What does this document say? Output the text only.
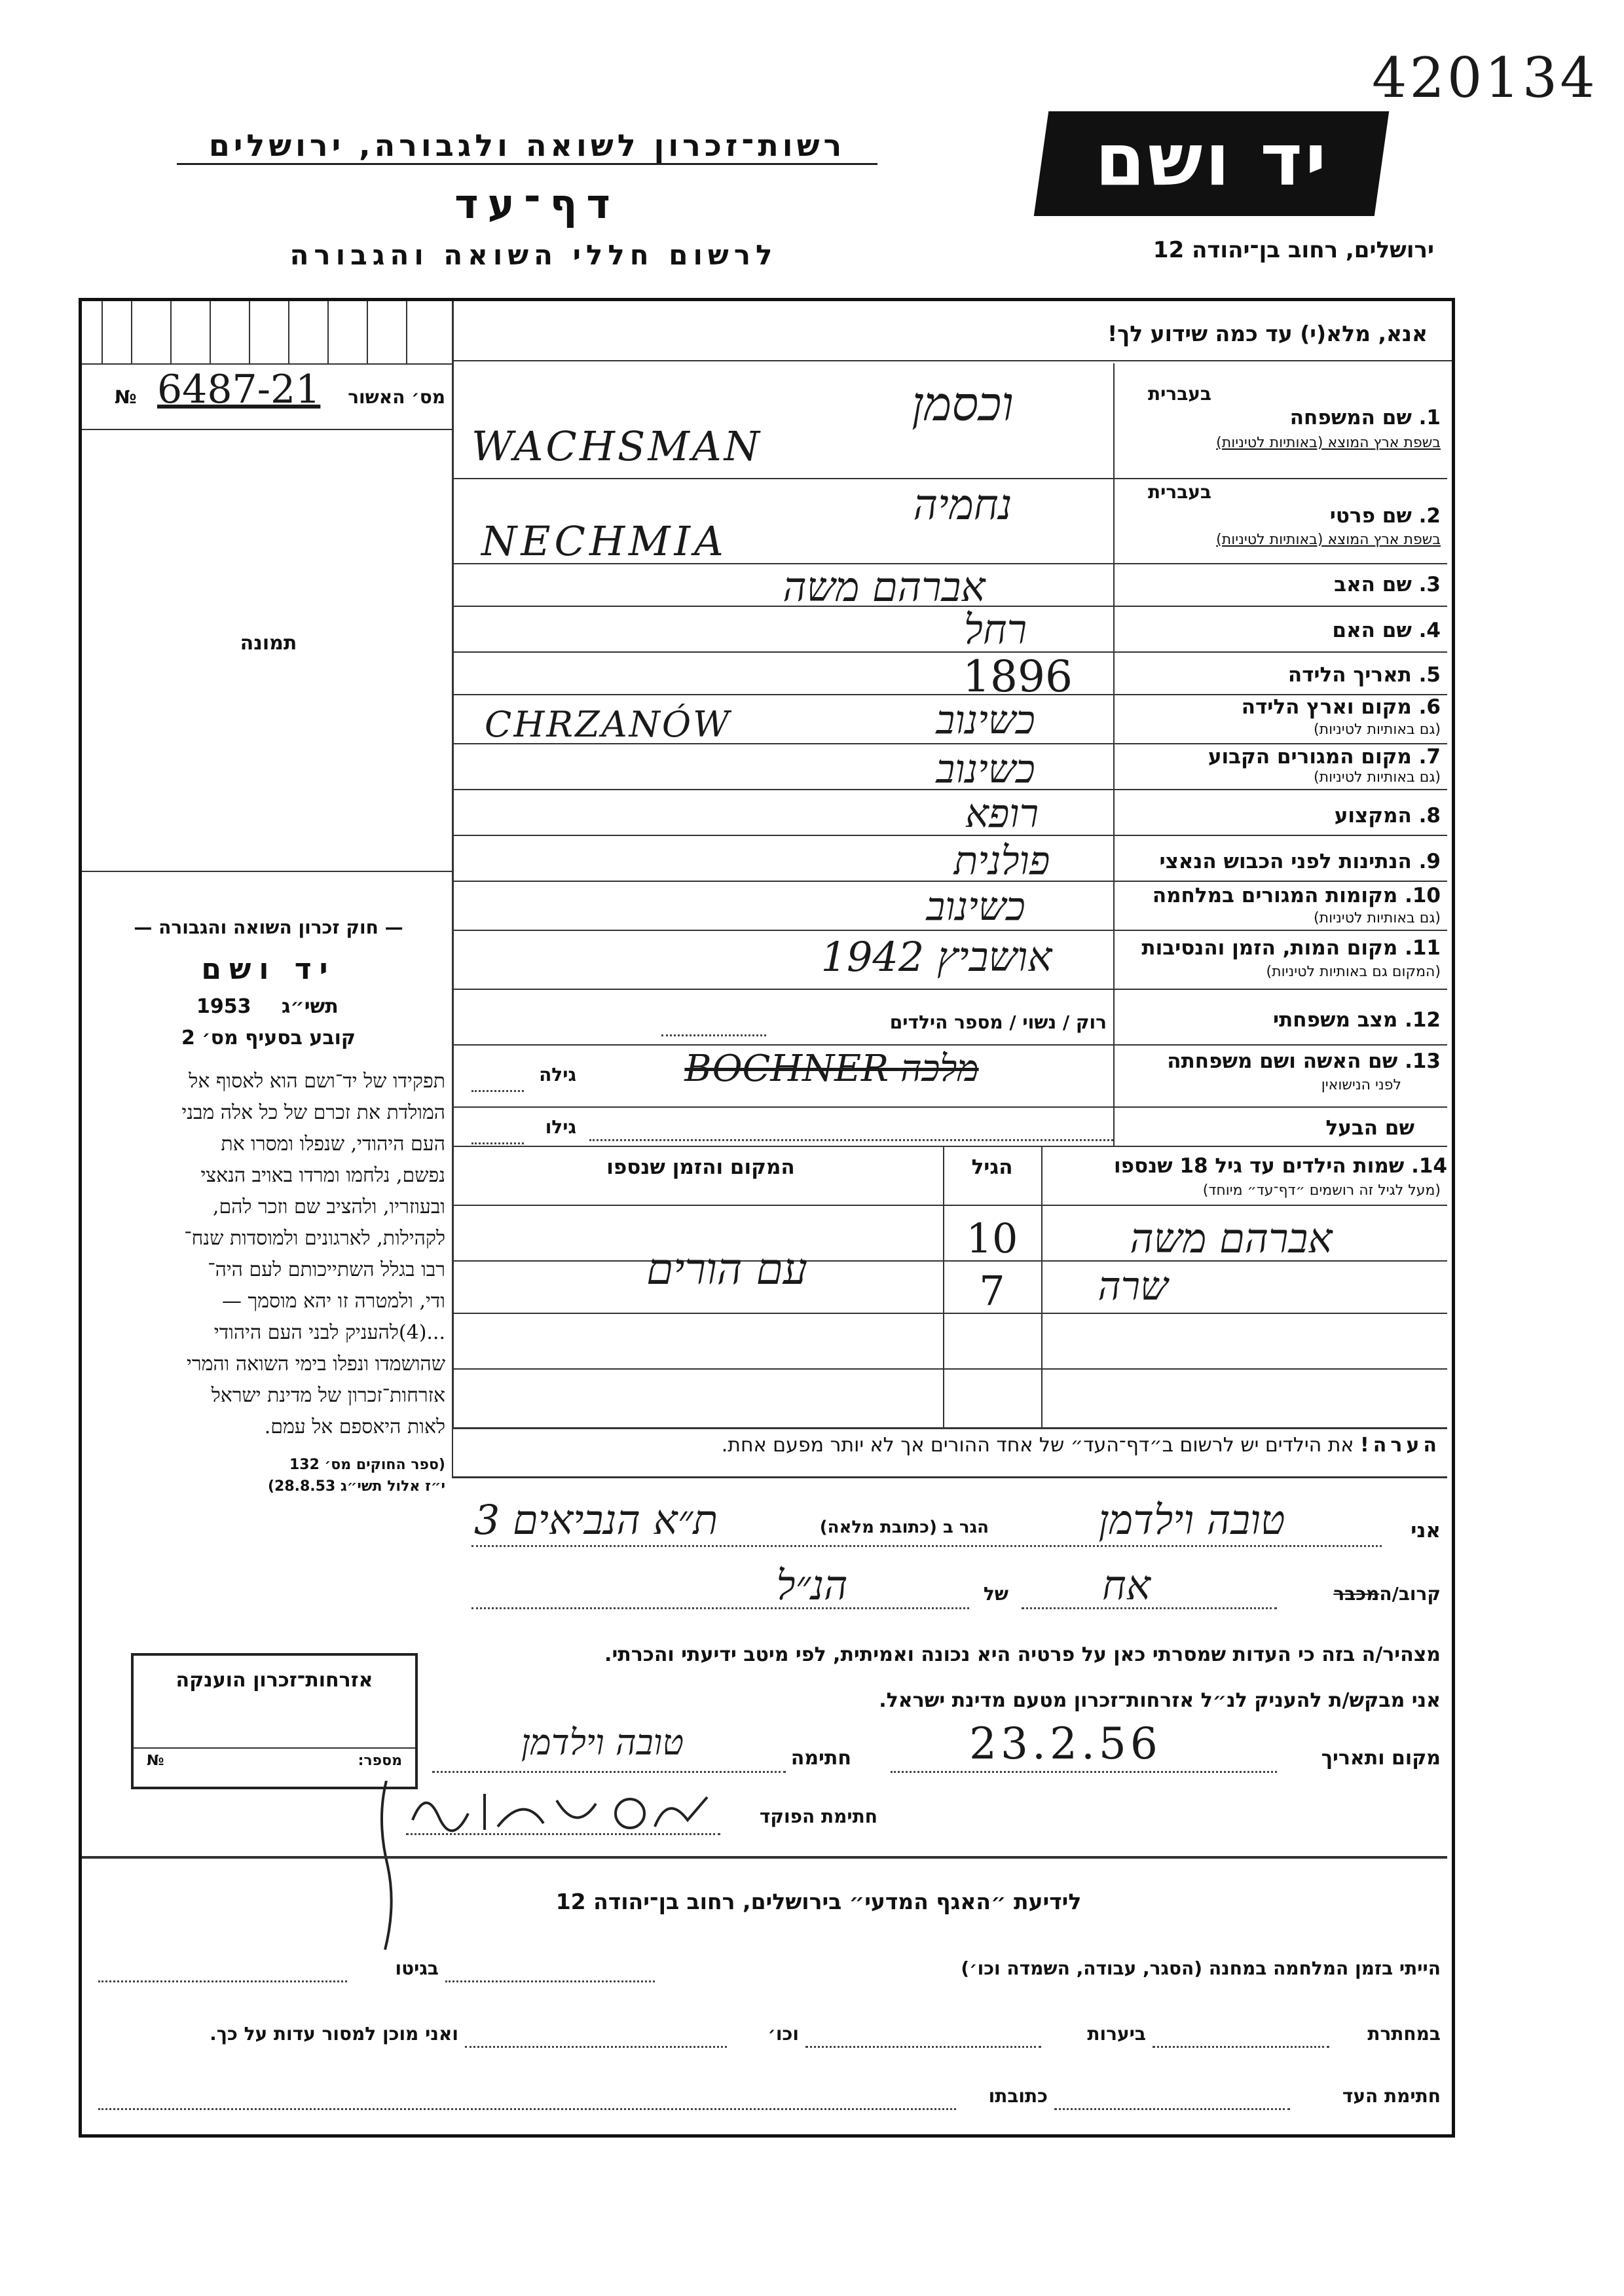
420134
רשות־זכרון לשואה ולגבורה, ירושלים
דף־עד
לרשום חללי השואה והגבורה
יד ושם
ירושלים, רחוב בן־יהודה 12
אנא, מלא(י) עד כמה שידוע לך!
מס׳ האשור
№ 6487-21
תמונה
— חוק זכרון השואה והגבורה —
יד ושם
1953 תשי״ג
קובע בסעיף מס׳ 2
תפקידו של יד־ושם הוא לאסוף אל
המולדת את זכרם של כל אלה מבני
העם היהודי, שנפלו ומסרו את
נפשם, נלחמו ומרדו באויב הנאצי
ובעוזריו, ולהציב שם וזכר להם,
לקהילות, לארגונים ולמוסדות שנח־
רבו בגלל השתייכותם לעם היה־
ודי, ולמטרה זו יהא מוסמך —
...(4)להעניק לבני העם היהודי
שהושמדו ונפלו בימי השואה והמרי
אזרחות־זכרון של מדינת ישראל
לאות היאספם אל עמם.
(ספר החוקים מס׳ 132
י״ז אלול תשי״ג 28.8.53)
בעברית
1. שם המשפחה
בשפת ארץ המוצא (באותיות לטיניות)
וכסמן
WACHSMAN
בעברית
2. שם פרטי
בשפת ארץ המוצא (באותיות לטיניות)
נחמיה
NECHMIA
3. שם האב
אברהם משה
4. שם האם
רחל
5. תאריך הלידה
1896
6. מקום וארץ הלידה
(גם באותיות לטיניות)
כשינוב
CHRZANÓW
7. מקום המגורים הקבוע
(גם באותיות לטיניות)
כשינוב
8. המקצוע
רופא
9. הנתינות לפני הכבוש הנאצי
פולנית
10. מקומות המגורים במלחמה
(גם באותיות לטיניות)
כשינוב
11. מקום המות, הזמן והנסיבות
(המקום גם באותיות לטיניות)
אושביץ 1942
12. מצב משפחתי
רוק / נשוי / מספר הילדים
13. שם האשה ושם משפחתה
לפני הנישואין
גילה	BOCHNER מלכה
שם הבעל
גילו
14. שמות הילדים עד גיל 18 שנספו
(מעל לגיל זה רושמים ״דף־עד״ מיוחד)
הגיל
המקום והזמן שנספו
אברהם משה
10
עם הורים	שרה
7
הערה! את הילדים יש לרשום ב״דף־העד״ של אחד ההורים אך לא יותר מפעם אחת.
אני
טובה וילדמן
הגר ב (כתובת מלאה)
ת״א הנביאים 3
קרוב/המכבר
אח
של
הנ״ל
מצהיר/ה בזה כי העדות שמסרתי כאן על פרטיה היא נכונה ואמיתית, לפי מיטב ידיעתי והכרתי.
אני מבקש/ת להעניק לנ״ל אזרחות־זכרון מטעם מדינת ישראל.
מקום ותאריך
23.2.56
חתימה
טובה וילדמן
חתימת הפוקד
אזרחות־זכרון הוענקה
מספר:
№
לידיעת ״האגף המדעי״ בירושלים, רחוב בן־יהודה 12
הייתי בזמן המלחמה במחנה (הסגר, עבודה, השמדה וכו׳)
בגיטו
במחתרת
ביערות
וכו׳
ואני מוכן למסור עדות על כך.
חתימת העד
כתובתו
